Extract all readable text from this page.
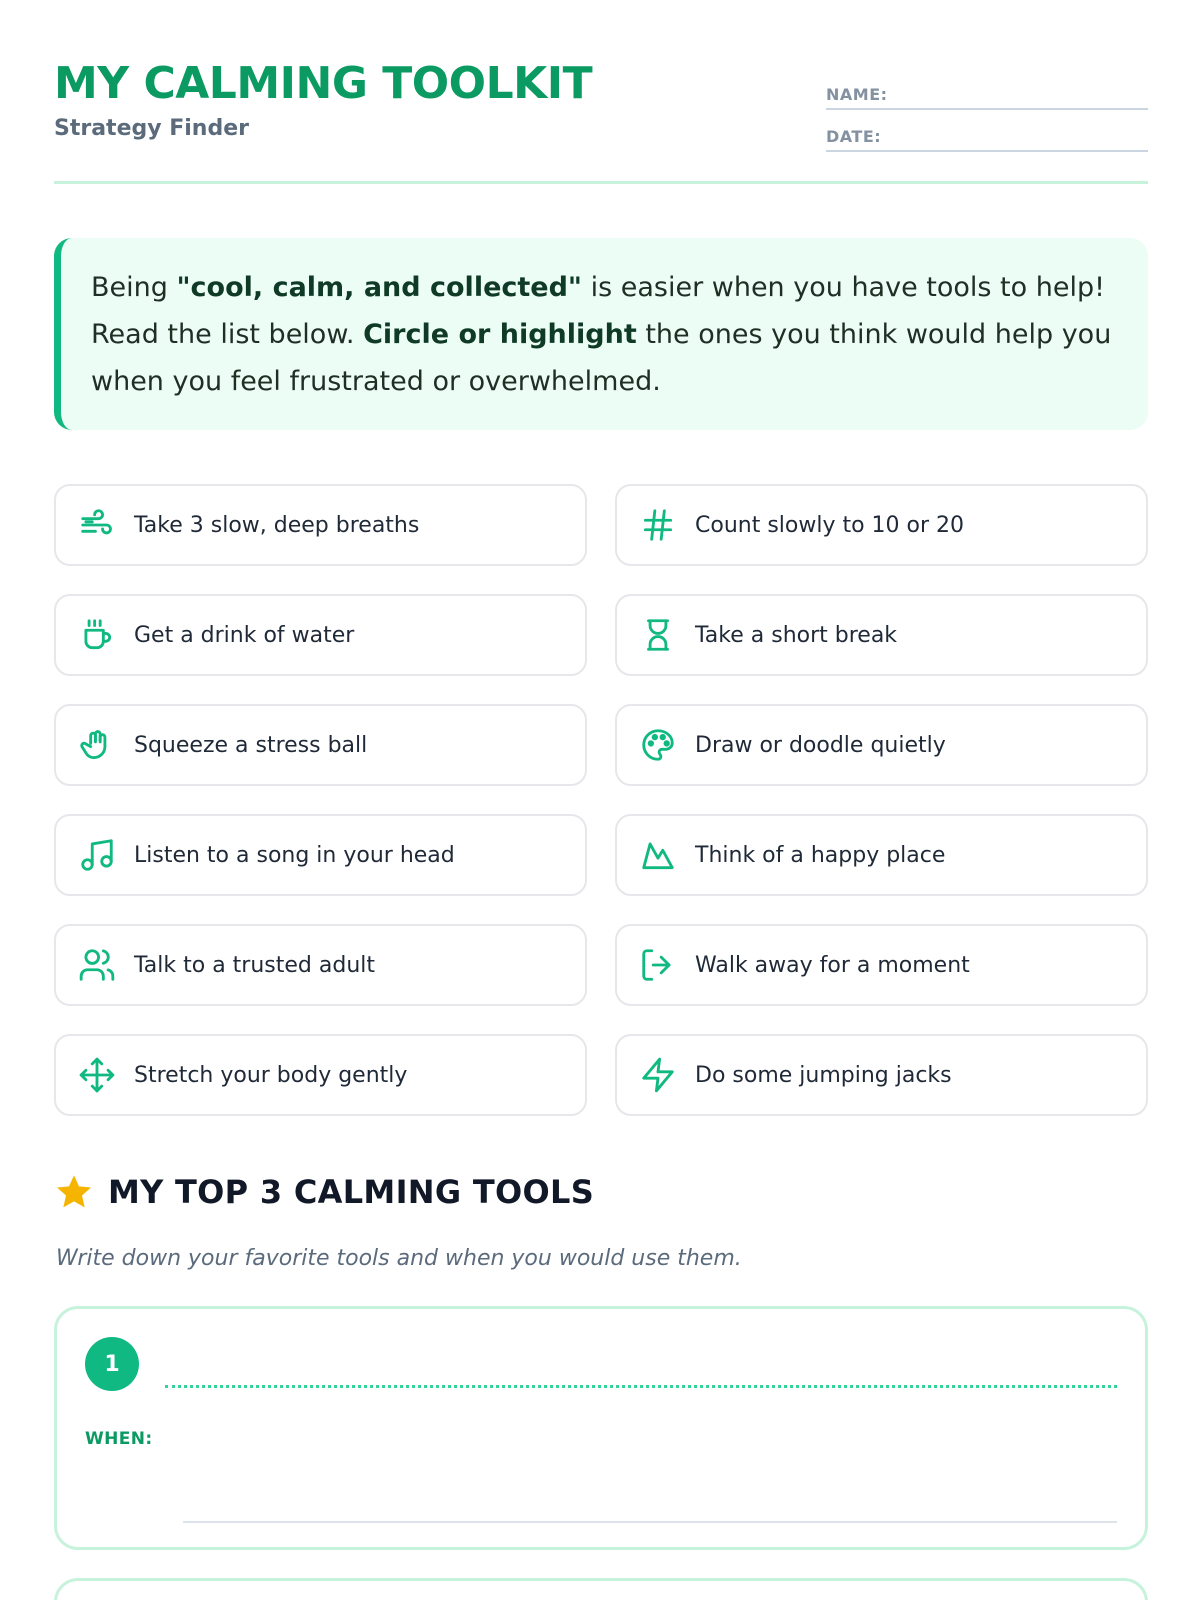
MY CALMING TOOLKIT
Strategy Finder
NAME:
DATE:
Being "cool, calm, and collected" is easier when you have tools to help! Read the list below. Circle or highlight the ones you think would help you when you feel frustrated or overwhelmed.
Take 3 slow, deep breaths	Count slowly to 10 or 20
Get a drink of water	Take a short break
Squeeze a stress ball	Draw or doodle quietly
Listen to a song in your head	Think of a happy place
Talk to a trusted adult	Walk away for a moment
Stretch your body gently	Do some jumping jacks
MY TOP 3 CALMING TOOLS
Write down your favorite tools and when you would use them.
1
WHEN:
